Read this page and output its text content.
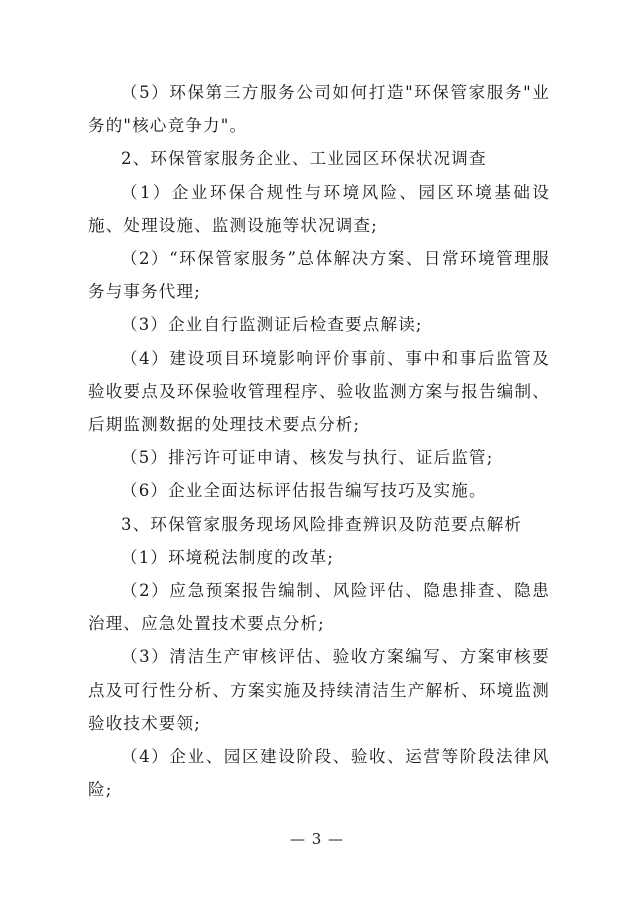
（5）环保第三方服务公司如何打造"环保管家服务"业务的"核心竞争力"。

2、环保管家服务企业、工业园区环保状况调查

（1）企业环保合规性与环境风险、园区环境基础设施、处理设施、监测设施等状况调查;

（2）“环保管家服务”总体解决方案、日常环境管理服务与事务代理;

（3）企业自行监测证后检查要点解读;

（4）建设项目环境影响评价事前、事中和事后监管及验收要点及环保验收管理程序、验收监测方案与报告编制、后期监测数据的处理技术要点分析;

（5）排污许可证申请、核发与执行、证后监管;

（6）企业全面达标评估报告编写技巧及实施。

3、环保管家服务现场风险排查辨识及防范要点解析

（1）环境税法制度的改革;

（2）应急预案报告编制、风险评估、隐患排查、隐患治理、应急处置技术要点分析;

（3）清洁生产审核评估、验收方案编写、方案审核要点及可行性分析、方案实施及持续清洁生产解析、环境监测验收技术要领;

（4）企业、园区建设阶段、验收、运营等阶段法律风险;

— 3 —
